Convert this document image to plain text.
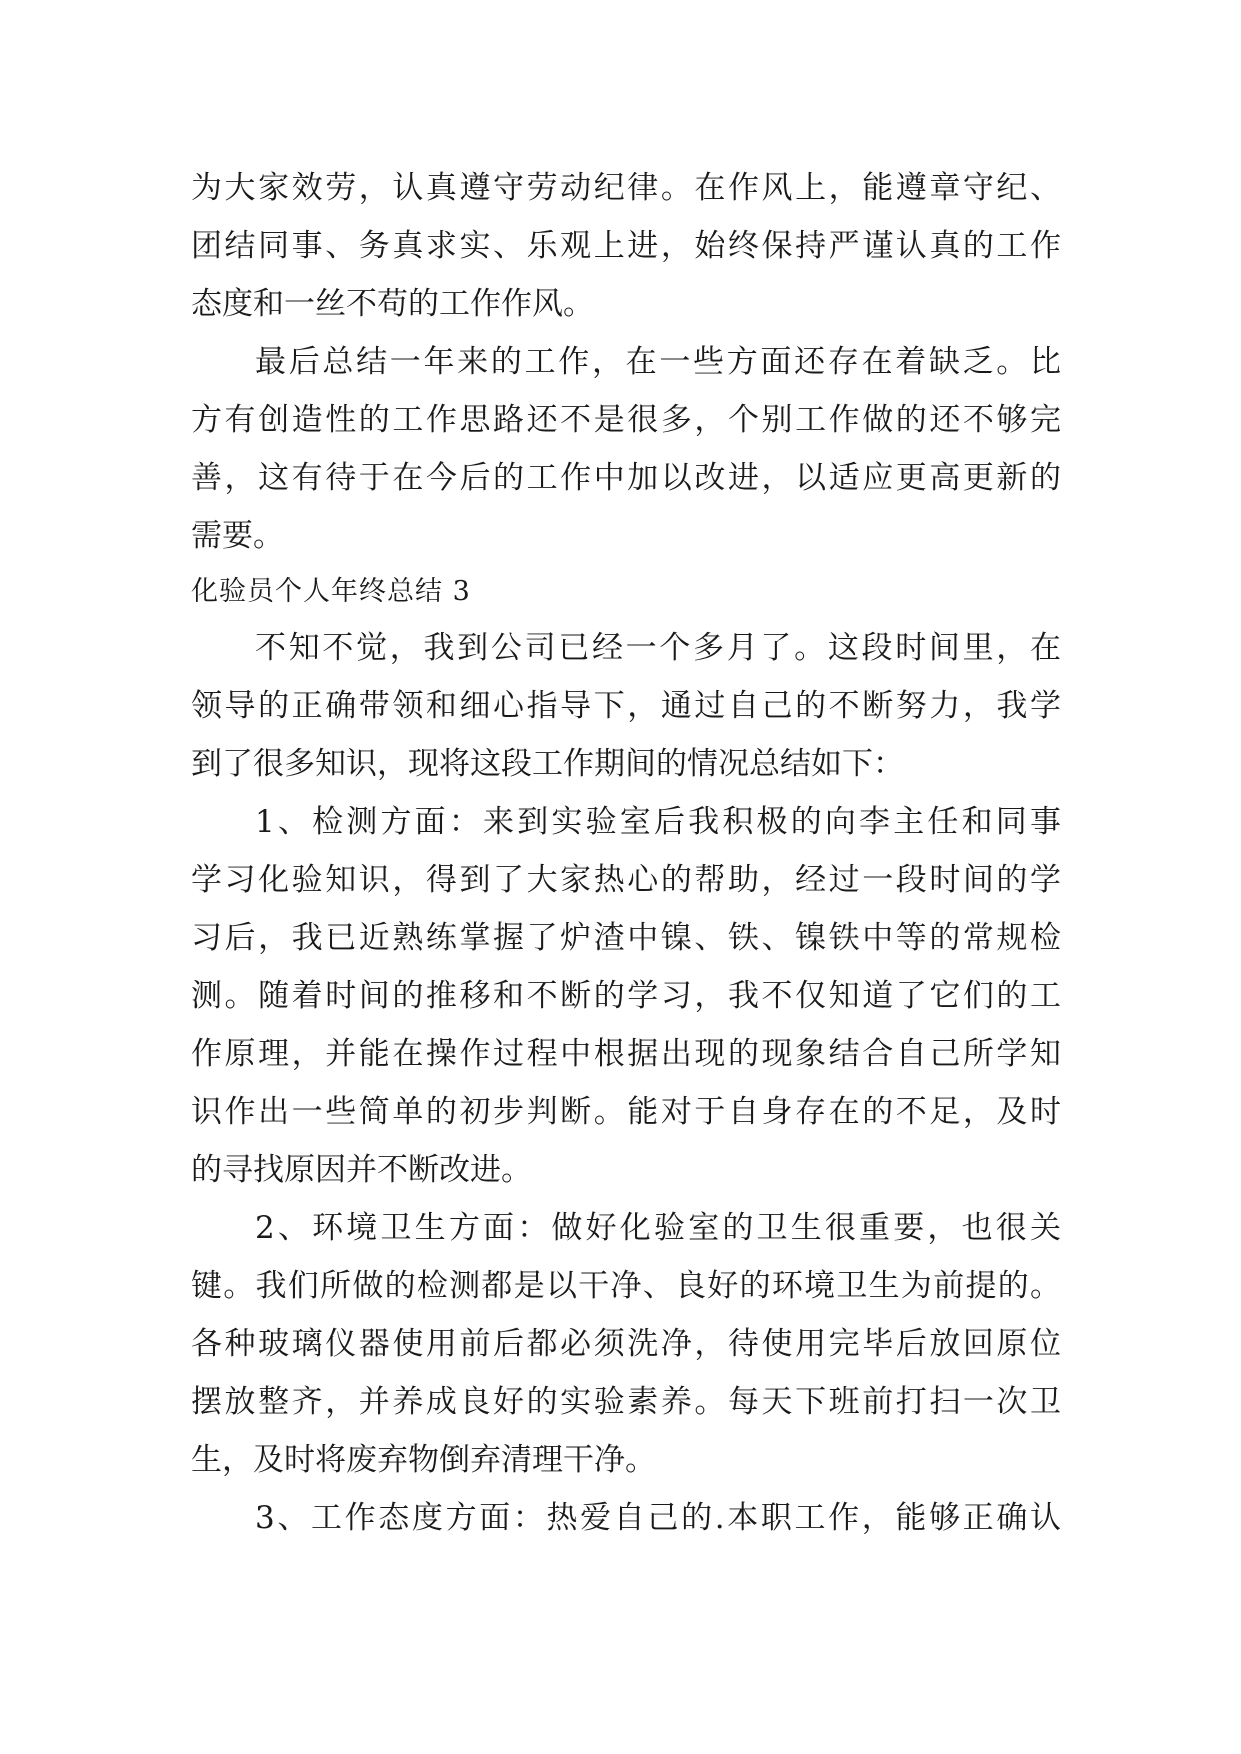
为大家效劳，认真遵守劳动纪律。在作风上，能遵章守纪、
团结同事、务真求实、乐观上进，始终保持严谨认真的工作
态度和一丝不苟的工作作风。
最后总结一年来的工作，在一些方面还存在着缺乏。比
方有创造性的工作思路还不是很多，个别工作做的还不够完
善，这有待于在今后的工作中加以改进，以适应更高更新的
需要。
化验员个人年终总结 3
不知不觉，我到公司已经一个多月了。这段时间里，在
领导的正确带领和细心指导下，通过自己的不断努力，我学
到了很多知识，现将这段工作期间的情况总结如下：
1、检测方面：来到实验室后我积极的向李主任和同事
学习化验知识，得到了大家热心的帮助，经过一段时间的学
习后，我已近熟练掌握了炉渣中镍、铁、镍铁中等的常规检
测。随着时间的推移和不断的学习，我不仅知道了它们的工
作原理，并能在操作过程中根据出现的现象结合自己所学知
识作出一些简单的初步判断。能对于自身存在的不足，及时
的寻找原因并不断改进。
2、环境卫生方面：做好化验室的卫生很重要，也很关
键。我们所做的检测都是以干净、良好的环境卫生为前提的。
各种玻璃仪器使用前后都必须洗净，待使用完毕后放回原位
摆放整齐，并养成良好的实验素养。每天下班前打扫一次卫
生，及时将废弃物倒弃清理干净。
3、工作态度方面：热爱自己的.本职工作，能够正确认
